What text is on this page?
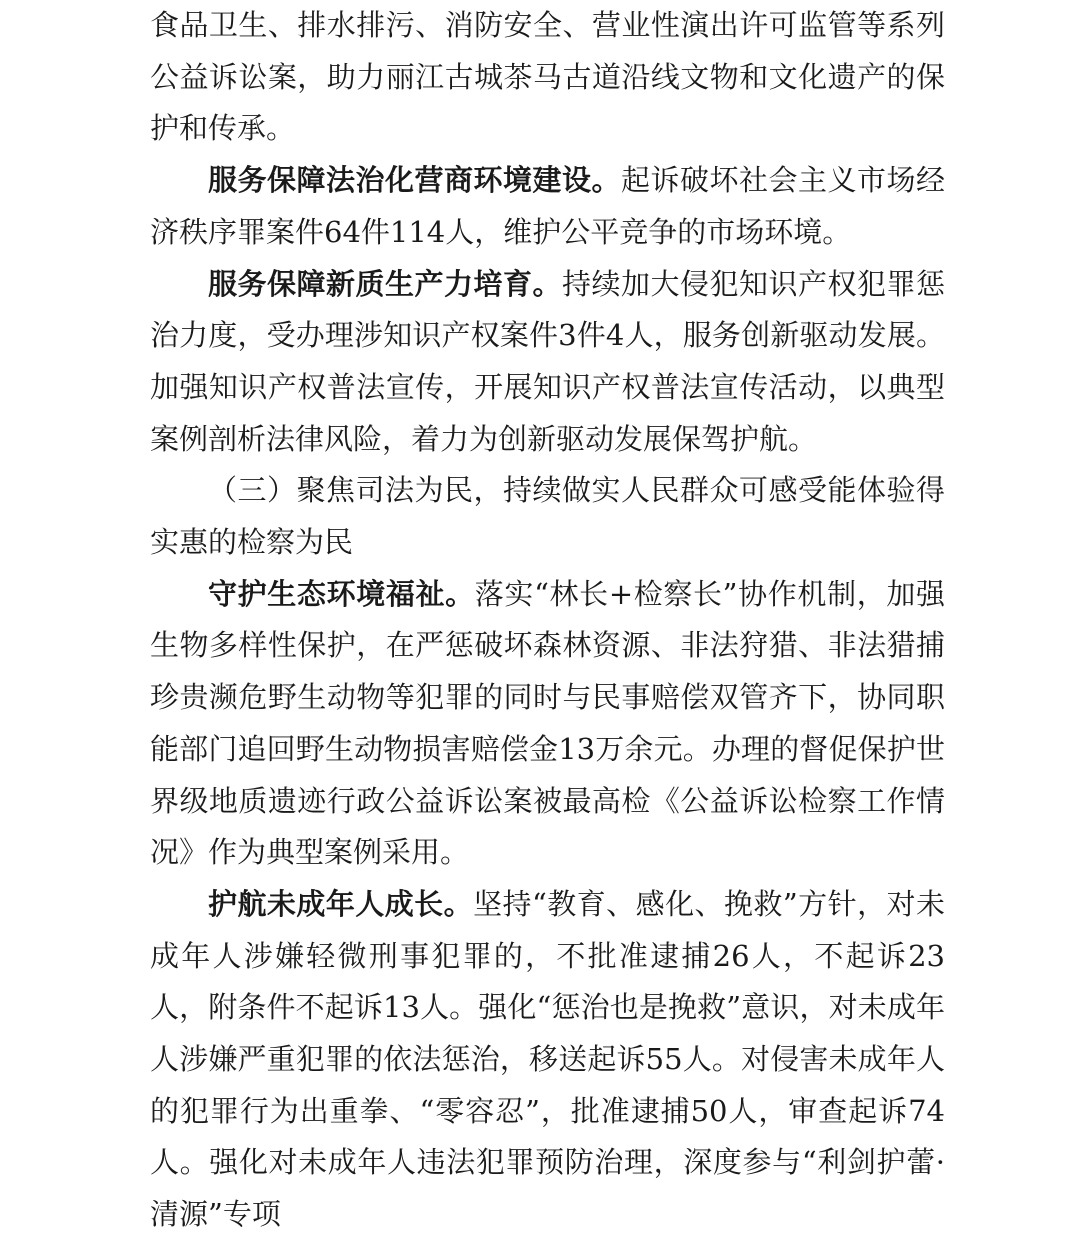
食品卫生、排水排污、消防安全、营业性演出许可监管等系列公益诉讼案，助力丽江古城茶马古道沿线文物和文化遗产的保护和传承。

服务保障法治化营商环境建设。起诉破坏社会主义市场经济秩序罪案件64件114人，维护公平竞争的市场环境。

服务保障新质生产力培育。持续加大侵犯知识产权犯罪惩治力度，受办理涉知识产权案件3件4人，服务创新驱动发展。加强知识产权普法宣传，开展知识产权普法宣传活动，以典型案例剖析法律风险，着力为创新驱动发展保驾护航。

（三）聚焦司法为民，持续做实人民群众可感受能体验得实惠的检察为民

守护生态环境福祉。落实“林长+检察长”协作机制，加强生物多样性保护，在严惩破坏森林资源、非法狩猎、非法猎捕珍贵濒危野生动物等犯罪的同时与民事赔偿双管齐下，协同职能部门追回野生动物损害赔偿金13万余元。办理的督促保护世界级地质遗迹行政公益诉讼案被最高检《公益诉讼检察工作情况》作为典型案例采用。

护航未成年人成长。坚持“教育、感化、挽救”方针，对未成年人涉嫌轻微刑事犯罪的，不批准逮捕26人，不起诉23人，附条件不起诉13人。强化“惩治也是挽救”意识，对未成年人涉嫌严重犯罪的依法惩治，移送起诉55人。对侵害未成年人的犯罪行为出重拳、“零容忍”，批准逮捕50人，审查起诉74人。强化对未成年人违法犯罪预防治理，深度参与“利剑护蕾·清源”专项
